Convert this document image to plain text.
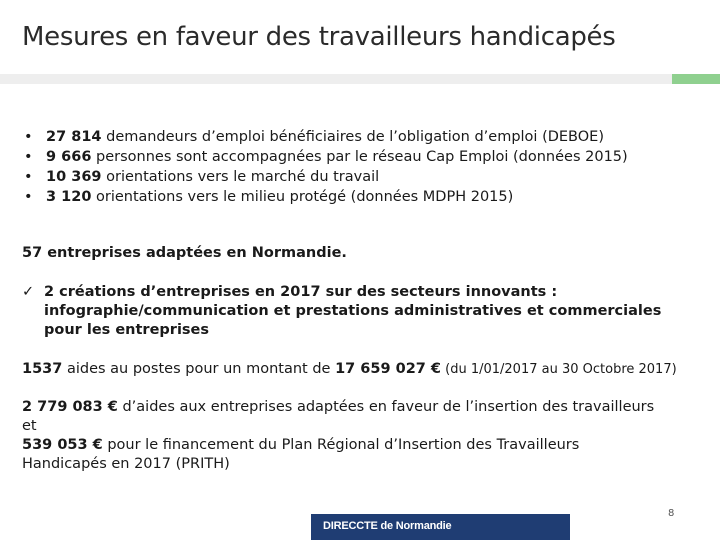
Mesures en faveur des travailleurs handicapés
• 27 814 demandeurs d’emploi bénéficiaires de l’obligation d’emploi (DEBOE)
• 9 666 personnes sont accompagnées par le réseau Cap Emploi (données 2015)
• 10 369 orientations vers le marché du travail
• 3 120 orientations vers le milieu protégé (données MDPH 2015)
57 entreprises adaptées en Normandie.
✓ 2 créations d’entreprises en 2017 sur des secteurs innovants :
infographie/communication et prestations administratives et commerciales
pour les entreprises
1537 aides au postes pour un montant de 17 659 027 € (du 1/01/2017 au 30 Octobre 2017)
2 779 083 € d’aides aux entreprises adaptées en faveur de l’insertion des travailleurs
et
539 053 € pour le financement du Plan Régional d’Insertion des Travailleurs
Handicapés en 2017 (PRITH)
8
DIRECCTE de Normandie
